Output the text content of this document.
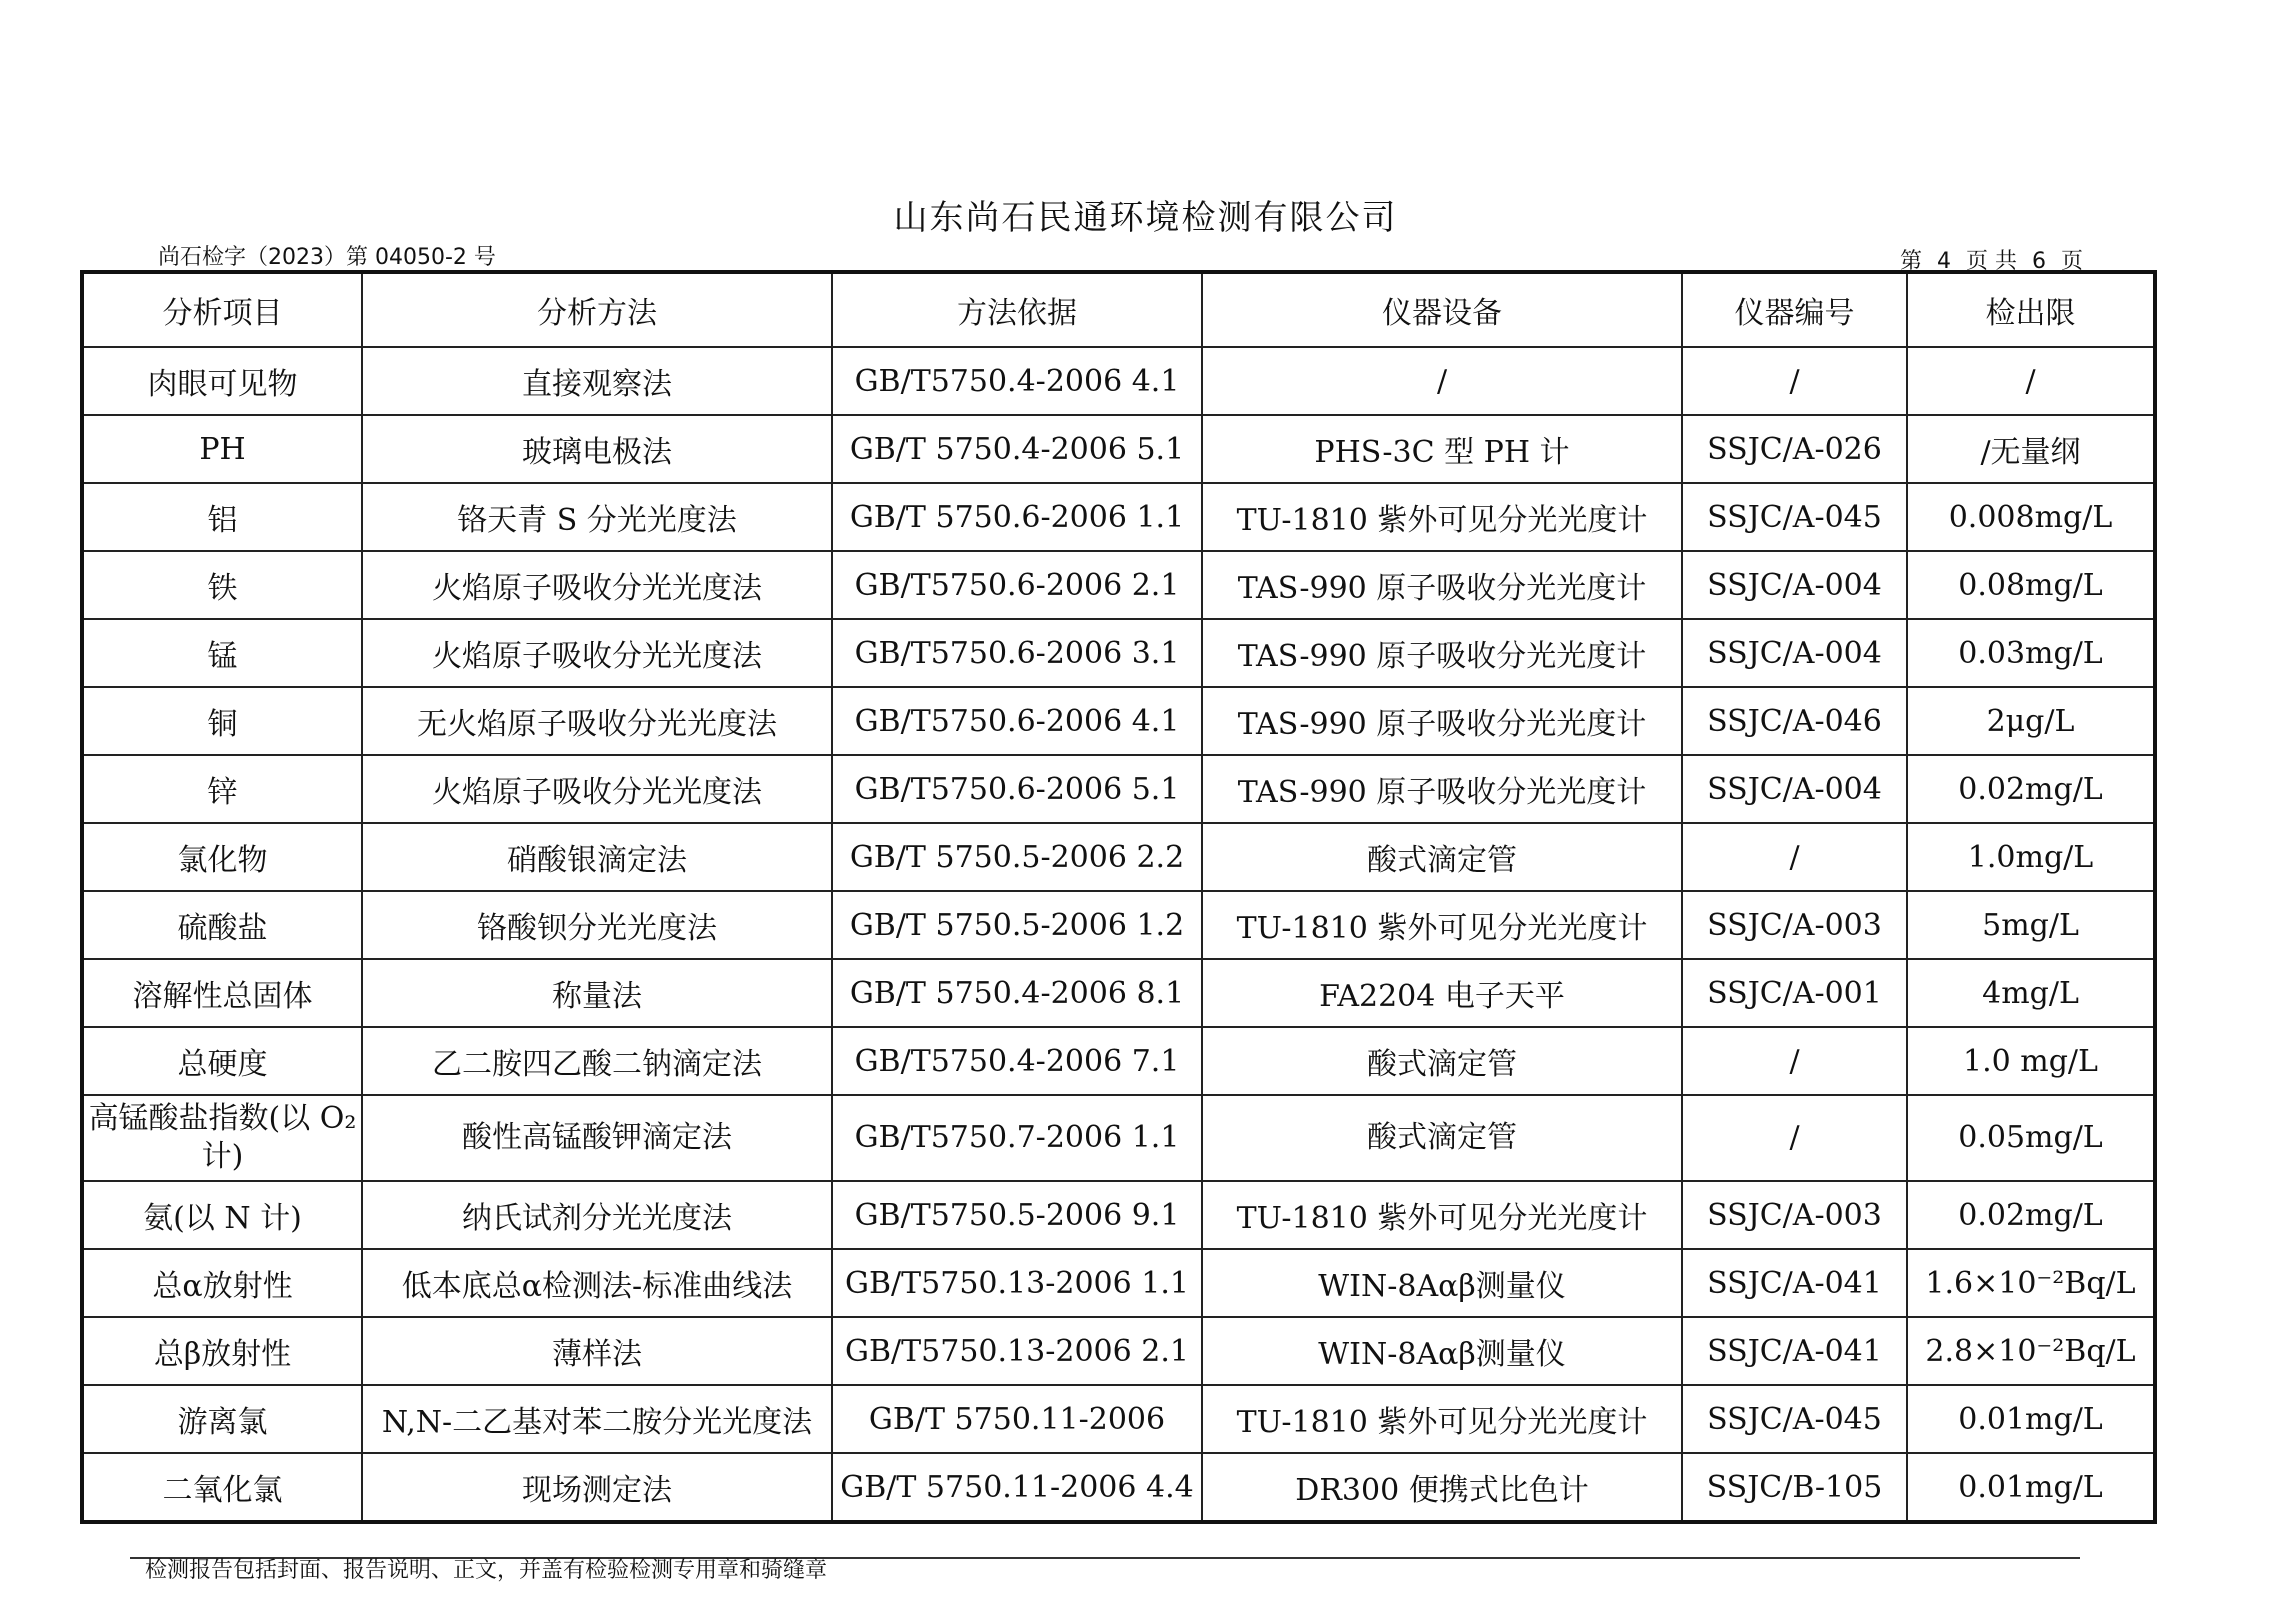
山东尚石民通环境检测有限公司
尚石检字（2023）第 04050-2 号	第 4 页 共 6 页
分析项目	分析方法	方法依据	仪器设备	仪器编号	检出限
肉眼可见物	直接观察法	GB/T5750.4-2006 4.1	/	/	/
PH	玻璃电极法	GB/T 5750.4-2006 5.1	PHS-3C 型 PH 计	SSJC/A-026	/无量纲
铝	铬天青 S 分光光度法	GB/T 5750.6-2006 1.1	TU-1810 紫外可见分光光度计	SSJC/A-045	0.008mg/L
铁	火焰原子吸收分光光度法	GB/T5750.6-2006 2.1	TAS-990 原子吸收分光光度计	SSJC/A-004	0.08mg/L
锰	火焰原子吸收分光光度法	GB/T5750.6-2006 3.1	TAS-990 原子吸收分光光度计	SSJC/A-004	0.03mg/L
铜	无火焰原子吸收分光光度法	GB/T5750.6-2006 4.1	TAS-990 原子吸收分光光度计	SSJC/A-046	2μg/L
锌	火焰原子吸收分光光度法	GB/T5750.6-2006 5.1	TAS-990 原子吸收分光光度计	SSJC/A-004	0.02mg/L
氯化物	硝酸银滴定法	GB/T 5750.5-2006 2.2	酸式滴定管	/	1.0mg/L
硫酸盐	铬酸钡分光光度法	GB/T 5750.5-2006 1.2	TU-1810 紫外可见分光光度计	SSJC/A-003	5mg/L
溶解性总固体	称量法	GB/T 5750.4-2006 8.1	FA2204 电子天平	SSJC/A-001	4mg/L
总硬度	乙二胺四乙酸二钠滴定法	GB/T5750.4-2006 7.1	酸式滴定管	/	1.0 mg/L
高锰酸盐指数(以 O₂计)	酸性高锰酸钾滴定法	GB/T5750.7-2006 1.1	酸式滴定管	/	0.05mg/L
氨(以 N 计)	纳氏试剂分光光度法	GB/T5750.5-2006 9.1	TU-1810 紫外可见分光光度计	SSJC/A-003	0.02mg/L
总α放射性	低本底总α检测法-标准曲线法	GB/T5750.13-2006 1.1	WIN-8Aαβ测量仪	SSJC/A-041	1.6×10⁻²Bq/L
总β放射性	薄样法	GB/T5750.13-2006 2.1	WIN-8Aαβ测量仪	SSJC/A-041	2.8×10⁻²Bq/L
游离氯	N,N-二乙基对苯二胺分光光度法	GB/T 5750.11-2006	TU-1810 紫外可见分光光度计	SSJC/A-045	0.01mg/L
二氧化氯	现场测定法	GB/T 5750.11-2006 4.4	DR300 便携式比色计	SSJC/B-105	0.01mg/L
检测报告包括封面、报告说明、正文，并盖有检验检测专用章和骑缝章
